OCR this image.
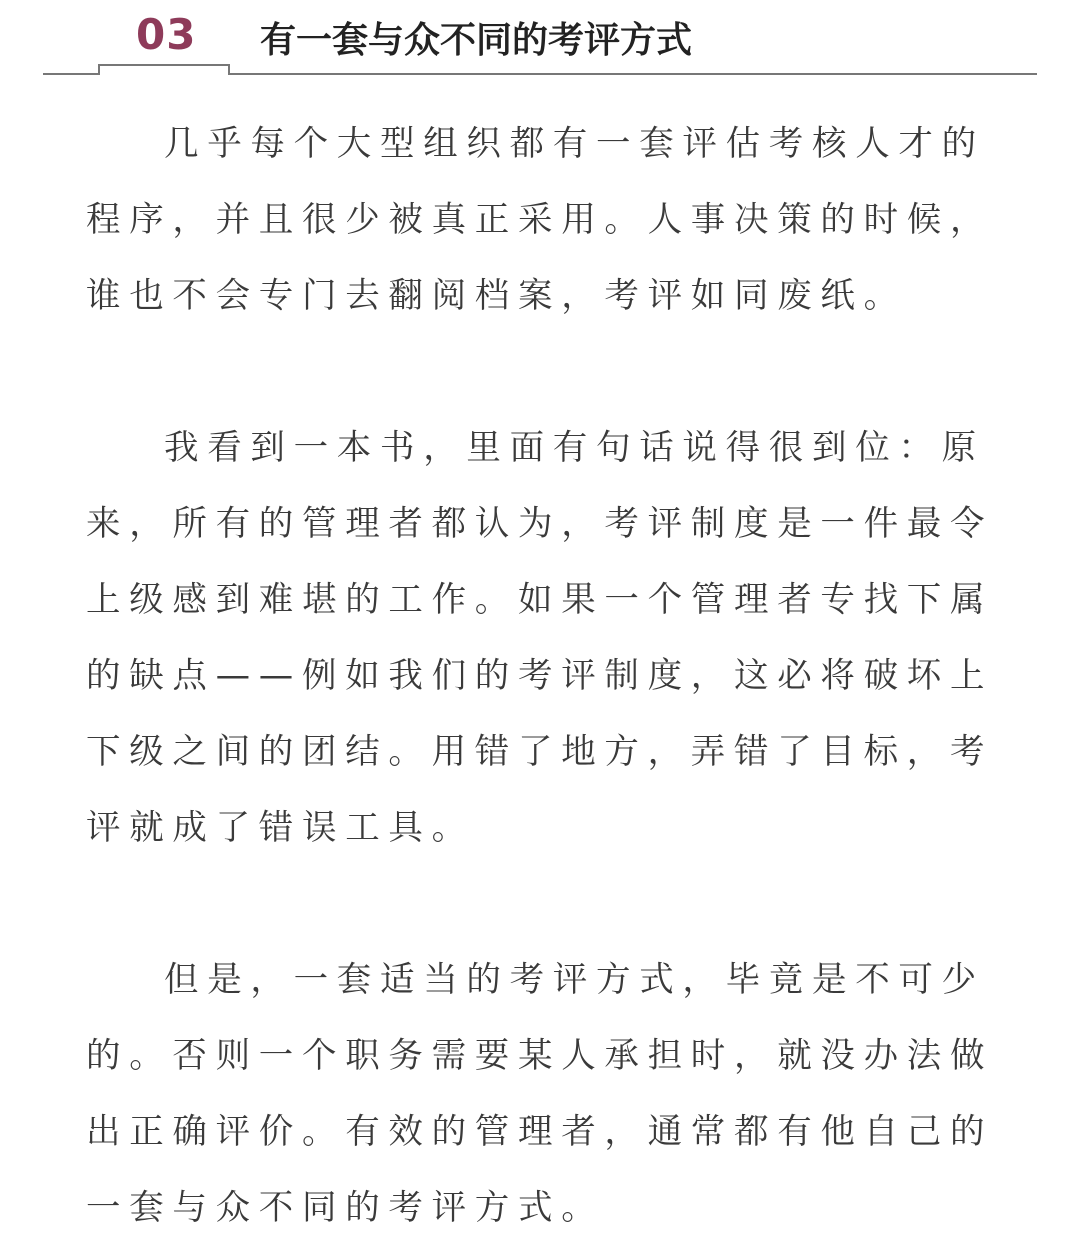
03 有一套与众不同的考评方式

几乎每个大型组织都有一套评估考核人才的程序，并且很少被真正采用。人事决策的时候，谁也不会专门去翻阅档案，考评如同废纸。

我看到一本书，里面有句话说得很到位：原来，所有的管理者都认为，考评制度是一件最令上级感到难堪的工作。如果一个管理者专找下属的缺点——例如我们的考评制度，这必将破坏上下级之间的团结。用错了地方，弄错了目标，考评就成了错误工具。

但是，一套适当的考评方式，毕竟是不可少的。否则一个职务需要某人承担时，就没办法做出正确评价。有效的管理者，通常都有他自己的一套与众不同的考评方式。
